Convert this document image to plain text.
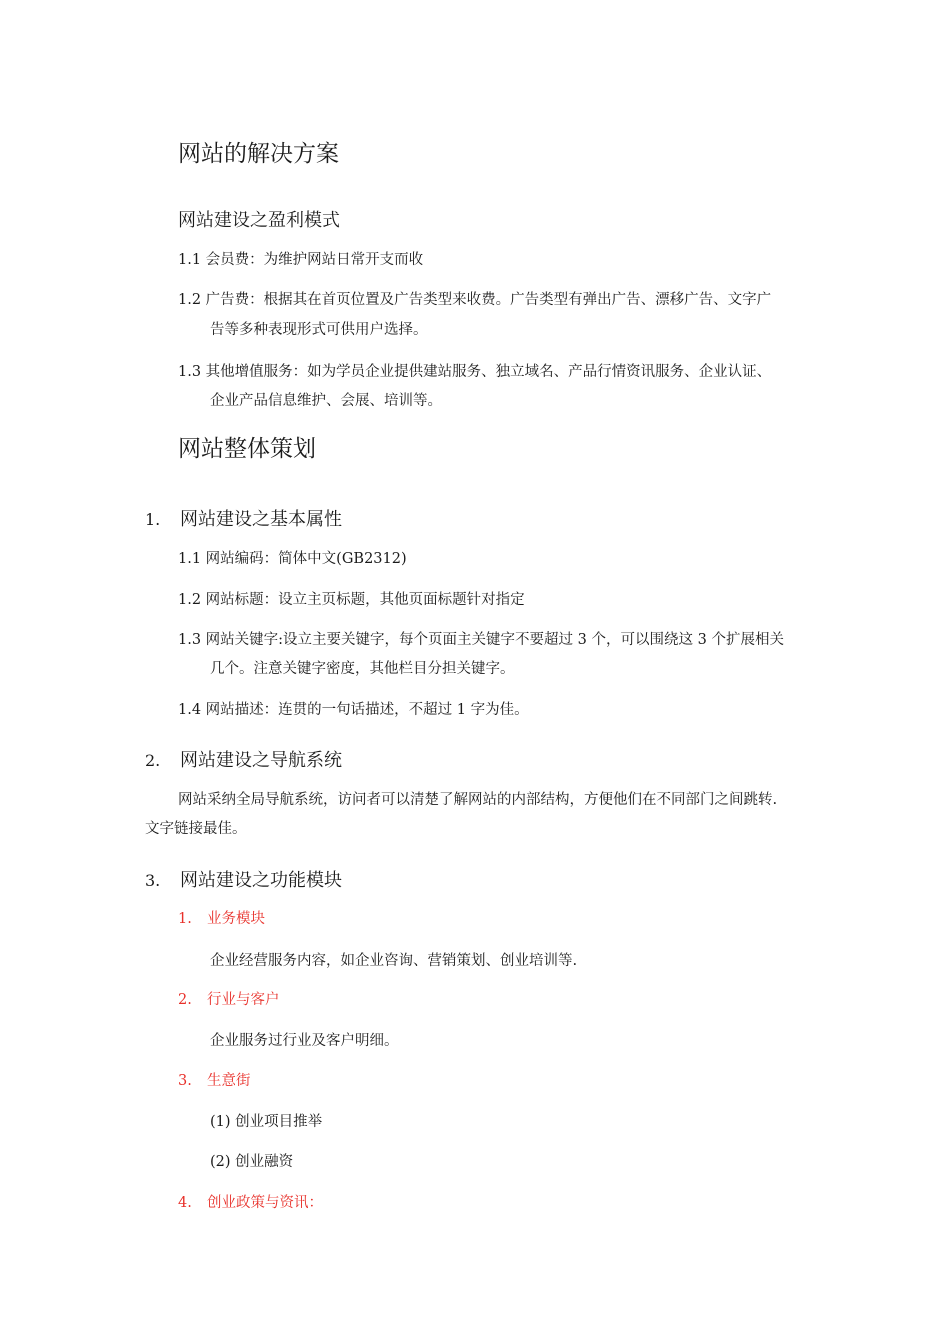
网站的解决方案
网站建设之盈利模式
1.1 会员费：为维护网站日常开支而收
1.2 广告费：根据其在首页位置及广告类型来收费。广告类型有弹出广告、漂移广告、文字广
告等多种表现形式可供用户选择。
1.3 其他增值服务：如为学员企业提供建站服务、独立域名、产品行情资讯服务、企业认证、
企业产品信息维护、会展、培训等。
网站整体策划
1. 网站建设之基本属性
1.1 网站编码：简体中文(GB2312)
1.2 网站标题：设立主页标题，其他页面标题针对指定
1.3 网站关键字:设立主要关键字，每个页面主关键字不要超过 3 个，可以围绕这 3 个扩展相关
几个。注意关键字密度，其他栏目分担关键字。
1.4 网站描述：连贯的一句话描述，不超过 1 字为佳。
2. 网站建设之导航系统
网站采纳全局导航系统，访问者可以清楚了解网站的内部结构，方便他们在不同部门之间跳转.
文字链接最佳。
3. 网站建设之功能模块
1. 业务模块
企业经营服务内容，如企业咨询、营销策划、创业培训等.
2. 行业与客户
企业服务过行业及客户明细。
3. 生意街
(1) 创业项目推举
(2) 创业融资
4. 创业政策与资讯：
